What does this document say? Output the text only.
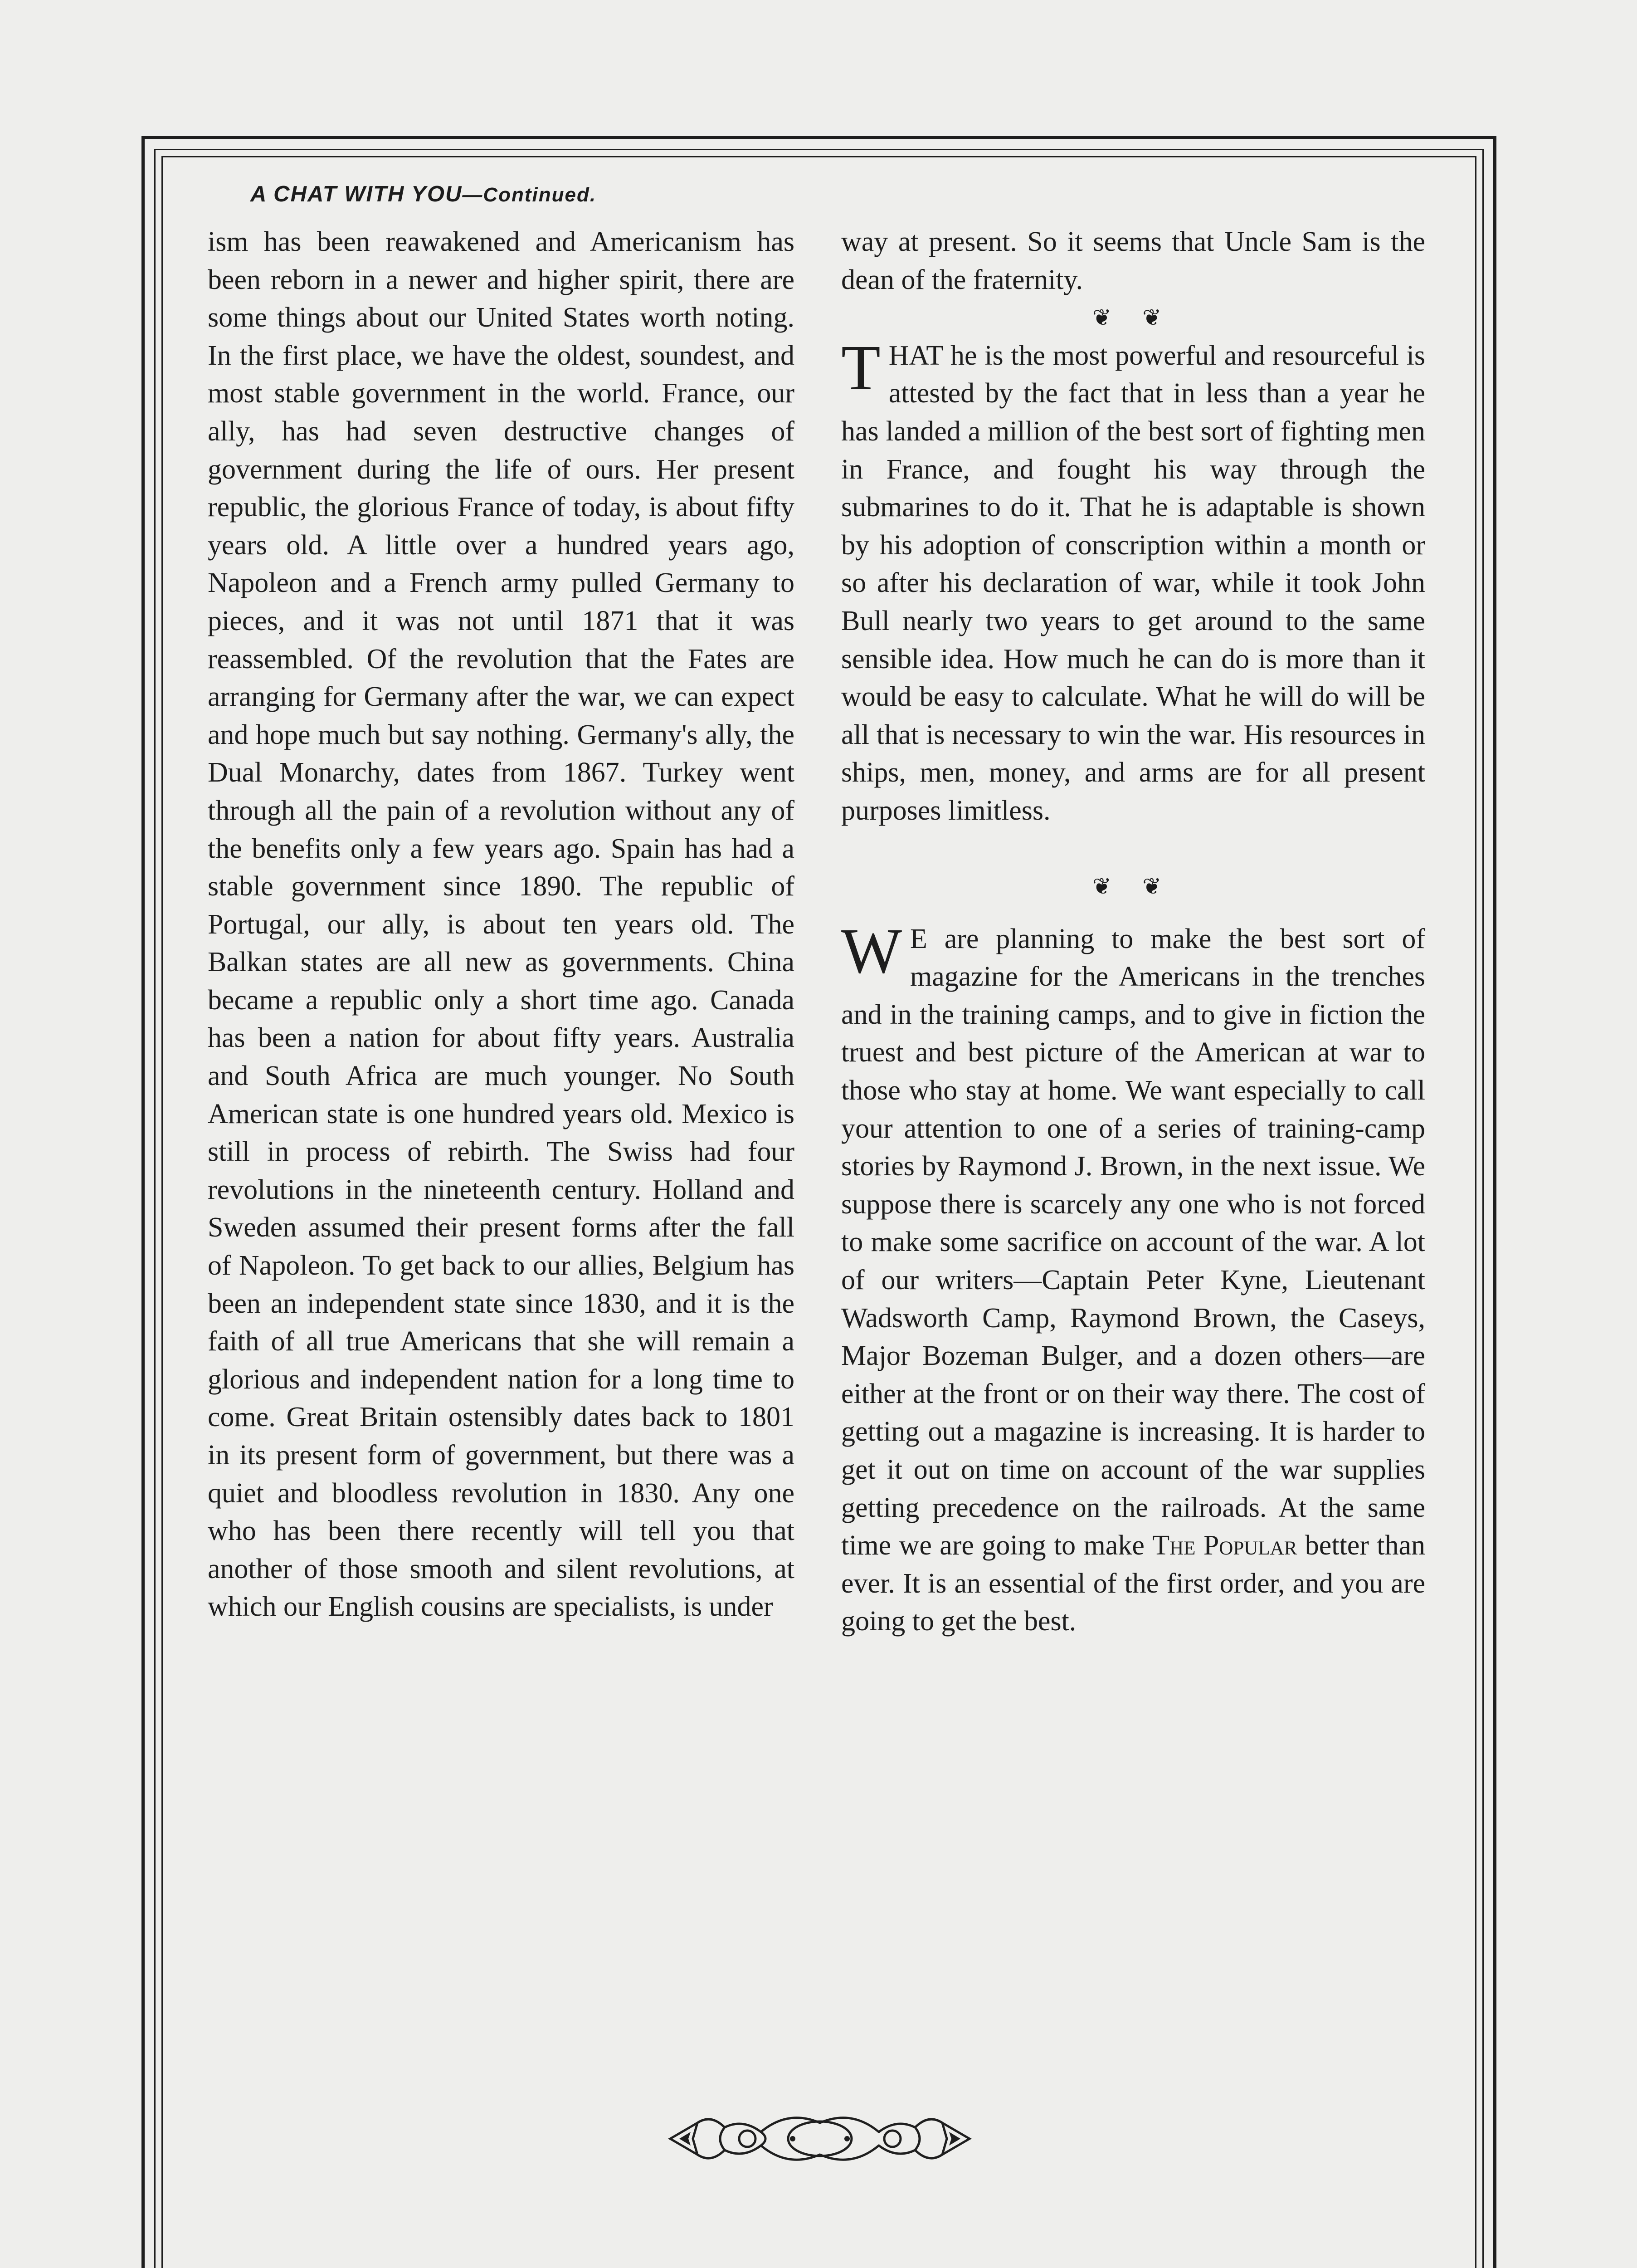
A CHAT WITH YOU—Continued.

ism has been reawakened and Americanism has been reborn in a newer and higher spirit, there are some things about our United States worth noting. In the first place, we have the oldest, soundest, and most stable government in the world. France, our ally, has had seven destructive changes of government during the life of ours. Her present republic, the glorious France of today, is about fifty years old. A little over a hundred years ago, Napoleon and a French army pulled Germany to pieces, and it was not until 1871 that it was reassembled. Of the revolution that the Fates are arranging for Germany after the war, we can expect and hope much but say nothing. Germany's ally, the Dual Monarchy, dates from 1867. Turkey went through all the pain of a revolution without any of the benefits only a few years ago. Spain has had a stable government since 1890. The republic of Portugal, our ally, is about ten years old. The Balkan states are all new as governments. China became a republic only a short time ago. Canada has been a nation for about fifty years. Australia and South Africa are much younger. No South American state is one hundred years old. Mexico is still in process of rebirth. The Swiss had four revolutions in the nineteenth century. Holland and Sweden assumed their present forms after the fall of Napoleon. To get back to our allies, Belgium has been an independent state since 1830, and it is the faith of all true Americans that she will remain a glorious and independent nation for a long time to come. Great Britain ostensibly dates back to 1801 in its present form of government, but there was a quiet and bloodless revolution in 1830. Any one who has been there recently will tell you that another of those smooth and silent revolutions, at which our English cousins are specialists, is under

way at present. So it seems that Uncle Sam is the dean of the fraternity.

❦ ❦

THAT he is the most powerful and resourceful is attested by the fact that in less than a year he has landed a million of the best sort of fighting men in France, and fought his way through the submarines to do it. That he is adaptable is shown by his adoption of conscription within a month or so after his declaration of war, while it took John Bull nearly two years to get around to the same sensible idea. How much he can do is more than it would be easy to calculate. What he will do will be all that is necessary to win the war. His resources in ships, men, money, and arms are for all present purposes limitless.

❦ ❦

W E are planning to make the best sort of magazine for the Americans in the trenches and in the training camps, and to give in fiction the truest and best picture of the American at war to those who stay at home. We want especially to call your attention to one of a series of training-camp stories by Raymond J. Brown, in the next issue. We suppose there is scarcely any one who is not forced to make some sacrifice on account of the war. A lot of our writers—Captain Peter Kyne, Lieutenant Wadsworth Camp, Raymond Brown, the Caseys, Major Bozeman Bulger, and a dozen others—are either at the front or on their way there. The cost of getting out a magazine is increasing. It is harder to get it out on time on account of the war supplies getting precedence on the railroads. At the same time we are going to make The Popular better than ever. It is an essential of the first order, and you are going to get the best.
